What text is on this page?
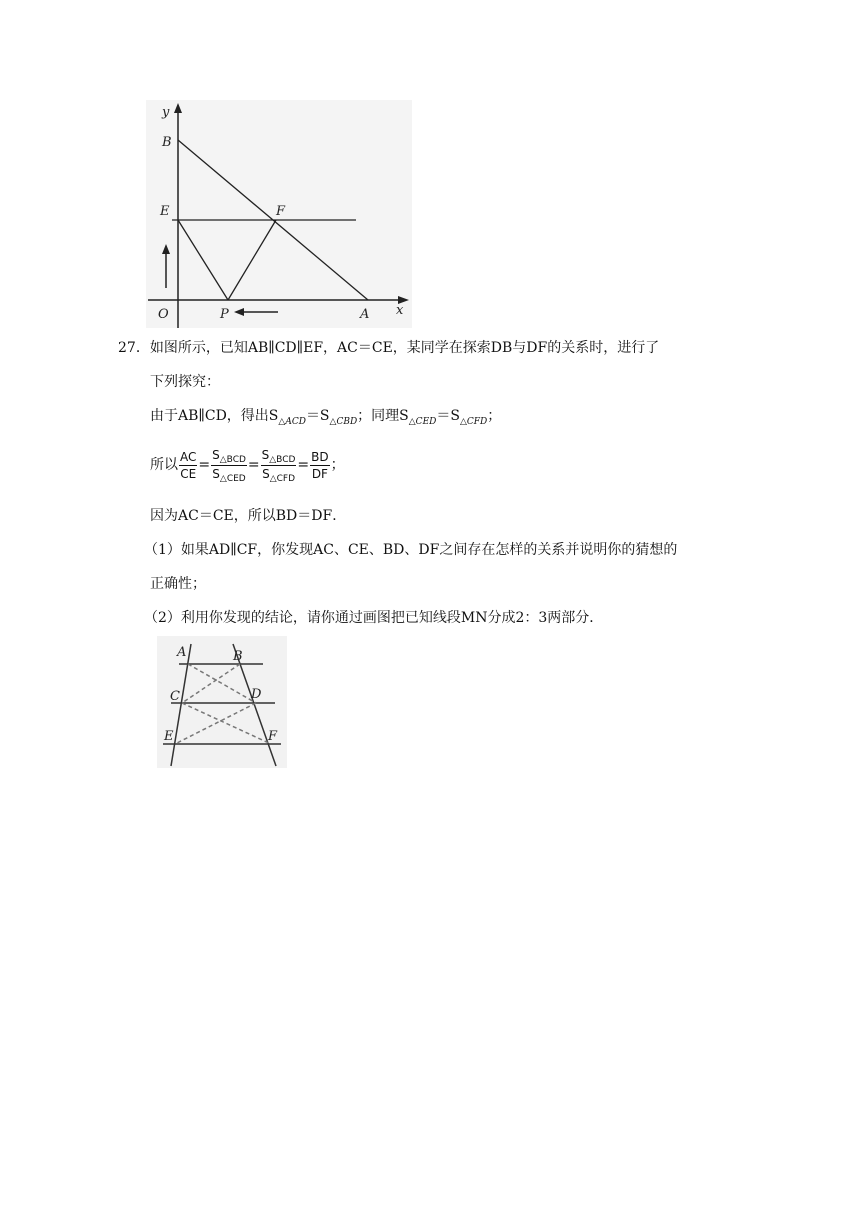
y
x
B
E	F
O	P	A
27．如图所示，已知AB∥CD∥EF，AC＝CE，某同学在探索DB与DF的关系时，进行了
下列探究：
由于AB∥CD，得出$S_{\triangle ACD}=S_{\triangle CBD}$；同理$S_{\triangle CED}=S_{\triangle CFD}$；
所以 $\frac{AC}{CE} = \frac{S_{\triangle BCD}}{S_{\triangle CED}} = \frac{S_{\triangle BCD}}{S_{\triangle CFD}} = \frac{BD}{DF}$ ；
因为AC＝CE，所以BD＝DF．
（1）如果AD∥CF，你发现AC、CE、BD、DF之间存在怎样的关系并说明你的猜想的
正确性；
（2）利用你发现的结论，请你通过画图把已知线段MN分成2：3两部分．
A	B
C	D
E	F
